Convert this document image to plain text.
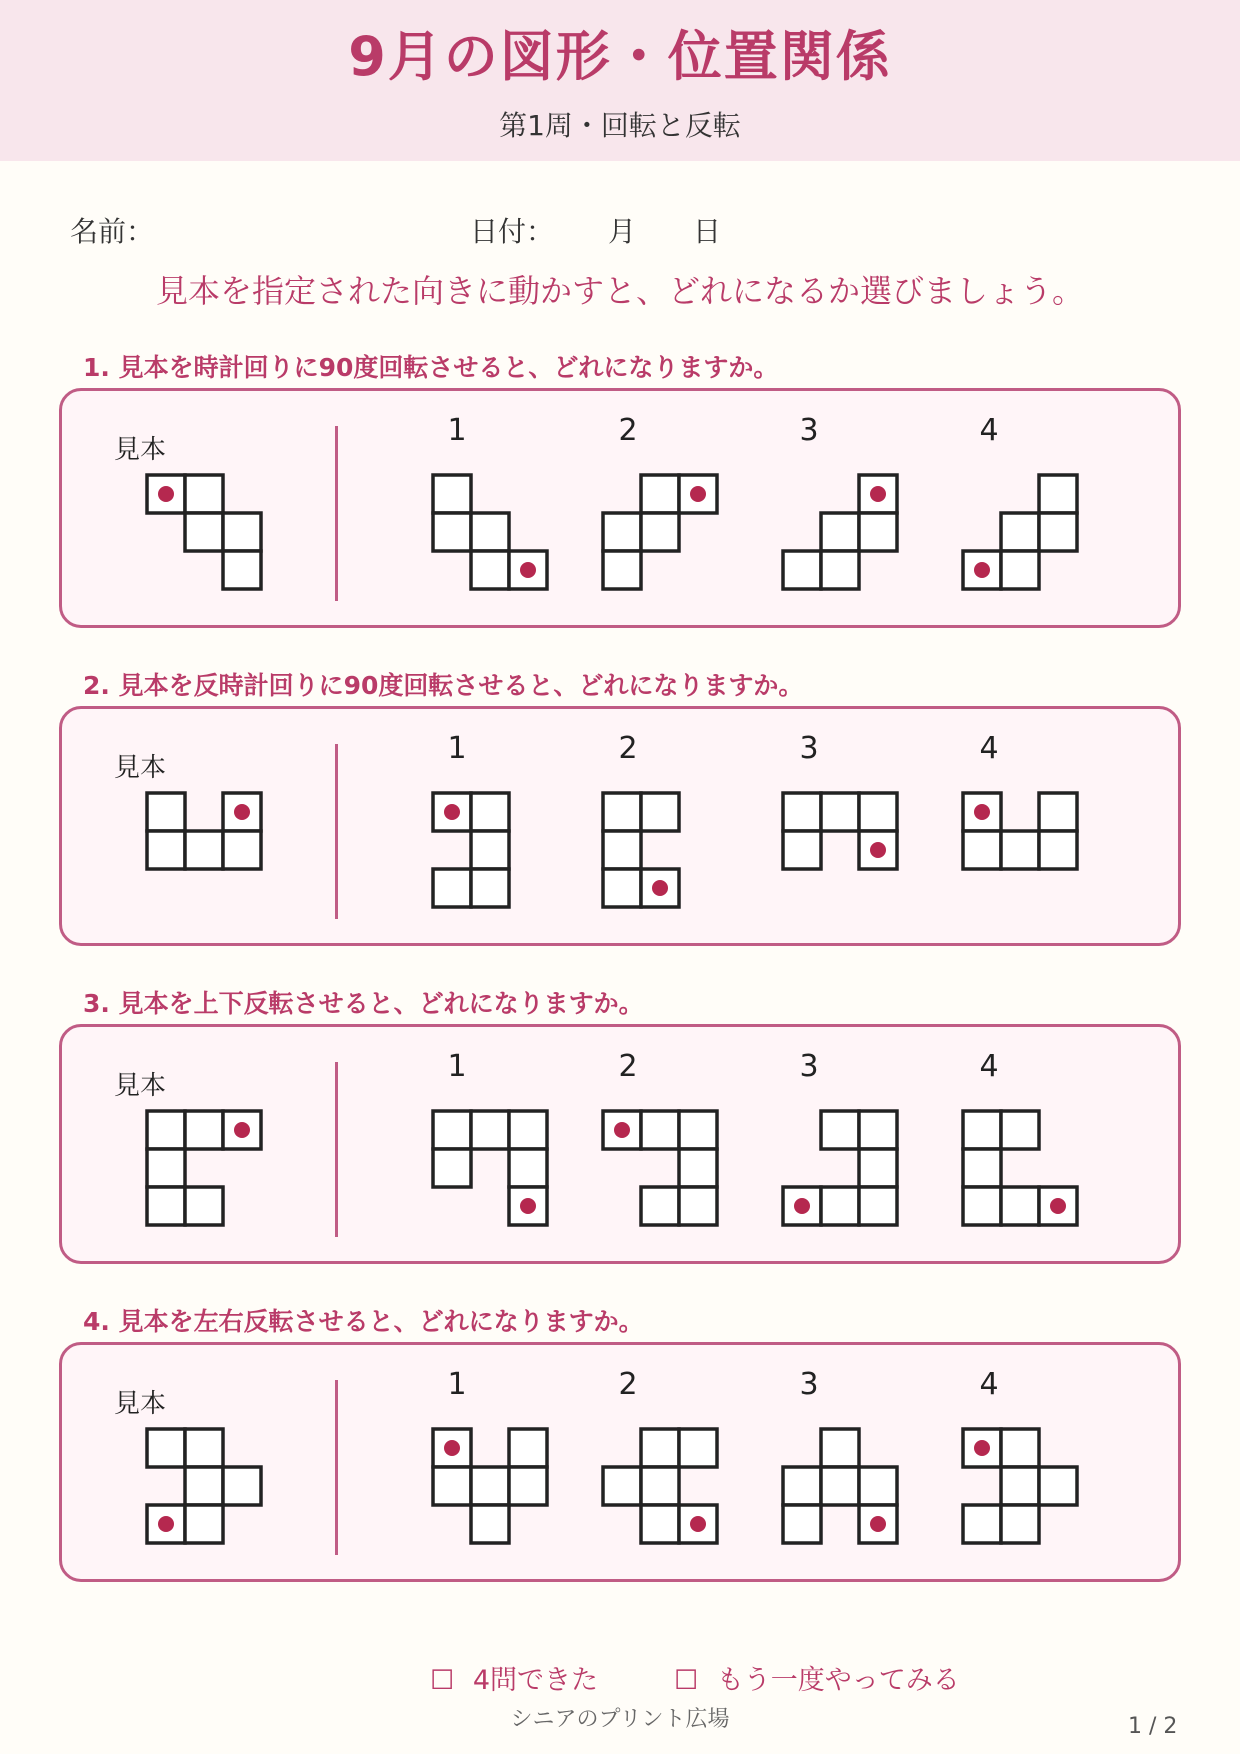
9月の図形・位置関係
第1周・回転と反転
名前：	日付： 月 日
見本を指定された向きに動かすと、どれになるか選びましょう。
1. 見本を時計回りに90度回転させると、どれになりますか。
見本
1	2	3	4
2. 見本を反時計回りに90度回転させると、どれになりますか。
見本
1	2	3	4
3. 見本を上下反転させると、どれになりますか。
見本
1	2	3	4
4. 見本を左右反転させると、どれになりますか。
見本
1	2	3	4
☐ 4問できた	☐ もう一度やってみる
シニアのプリント広場	1 / 2
